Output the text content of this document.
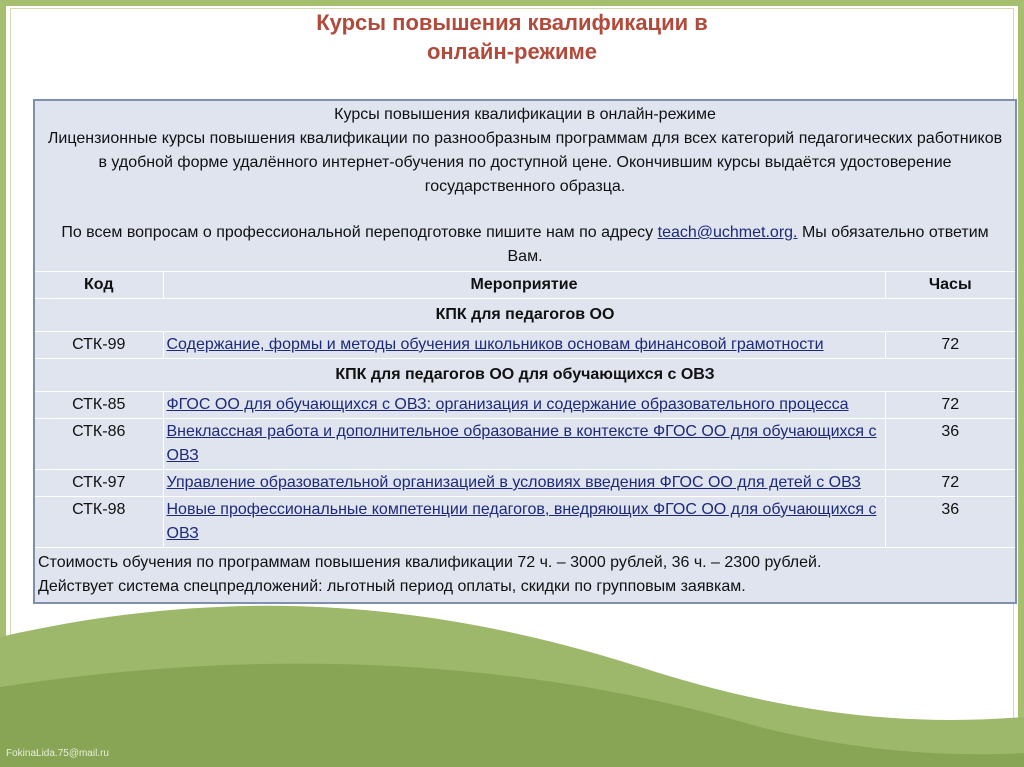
Курсы повышения квалификации в
онлайн-режиме

Курсы повышения квалификации в онлайн-режиме

Лицензионные курсы повышения квалификации по разнообразным программам для всех категорий педагогических работников в удобной форме удалённого интернет-обучения по доступной цене. Окончившим курсы выдаётся удостоверение государственного образца.

По всем вопросам о профессиональной переподготовке пишите нам по адресу teach@uchmet.org. Мы обязательно ответим Вам.		

Код	Мероприятие	Часы
КПК для педагогов ОО		
СТК-99	Содержание, формы и методы обучения школьников основам финансовой грамотности	72
КПК для педагогов ОО для обучающихся с ОВЗ		
СТК-85	ФГОС ОО для обучающихся с ОВЗ: организация и содержание образовательного процесса	72
СТК-86	Внеклассная работа и дополнительное образование в контексте ФГОС ОО для обучающихся с ОВЗ	36
СТК-97	Управление образовательной организацией в условиях введения ФГОС ОО для детей с ОВЗ	72
СТК-98	Новые профессиональные компетенции педагогов, внедряющих ФГОС ОО для обучающихся с ОВЗ	36

Стоимость обучения по программам повышения квалификации 72 ч. – 3000 рублей, 36 ч. – 2300 рублей.
Действует система спецпредложений: льготный период оплаты, скидки по групповым заявкам.		
FokinaLida.75@mail.ru
